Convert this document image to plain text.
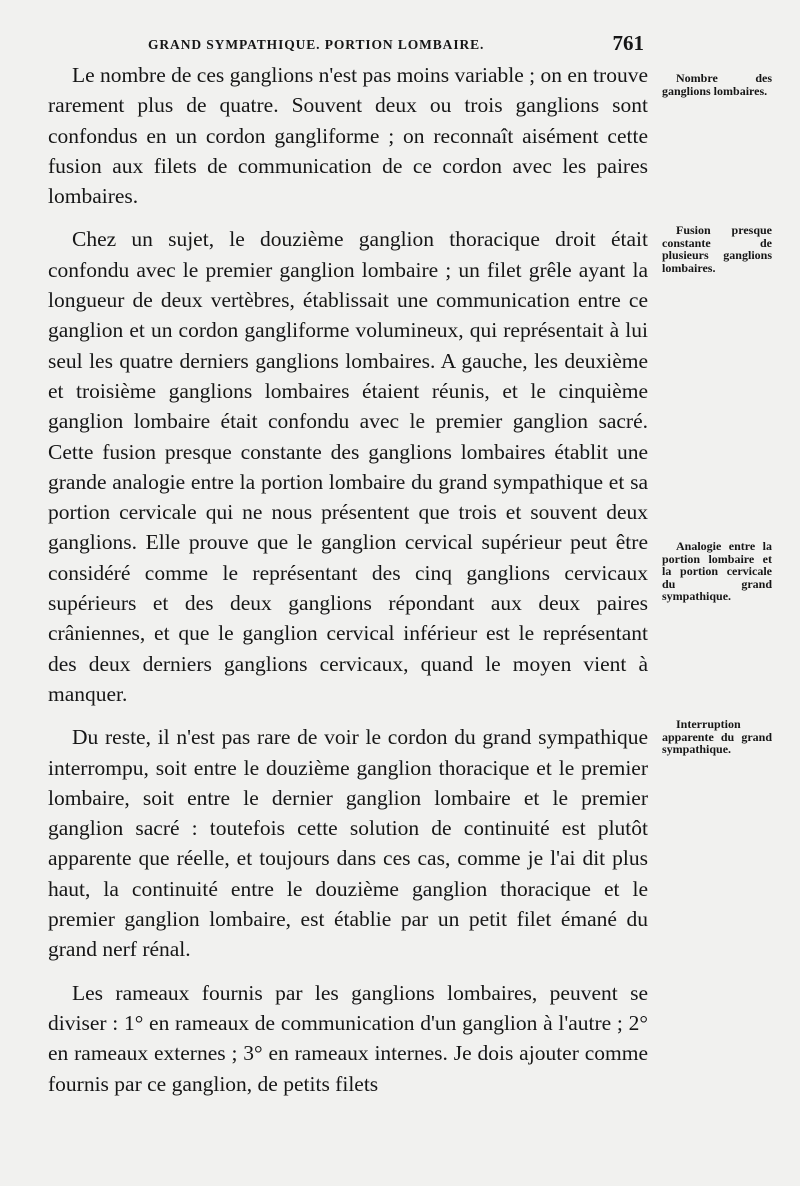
GRAND SYMPATHIQUE. PORTION LOMBAIRE.	761

Le nombre de ces ganglions n'est pas moins variable ; on en trouve rarement plus de quatre. Souvent deux ou trois ganglions sont confondus en un cordon gangliforme ; on reconnaît aisément cette fusion aux filets de communication de ce cordon avec les paires lombaires.

Chez un sujet, le douzième ganglion thoracique droit était confondu avec le premier ganglion lombaire ; un filet grêle ayant la longueur de deux vertèbres, établissait une communication entre ce ganglion et un cordon gangliforme volumineux, qui représentait à lui seul les quatre derniers ganglions lombaires. A gauche, les deuxième et troisième ganglions lombaires étaient réunis, et le cinquième ganglion lombaire était confondu avec le premier ganglion sacré. Cette fusion presque constante des ganglions lombaires établit une grande analogie entre la portion lombaire du grand sympathique et sa portion cervicale qui ne nous présentent que trois et souvent deux ganglions. Elle prouve que le ganglion cervical supérieur peut être considéré comme le représentant des cinq ganglions cervicaux supérieurs et des deux ganglions répondant aux deux paires crâniennes, et que le ganglion cervical inférieur est le représentant des deux derniers ganglions cervicaux, quand le moyen vient à manquer.

Du reste, il n'est pas rare de voir le cordon du grand sympathique interrompu, soit entre le douzième ganglion thoracique et le premier lombaire, soit entre le dernier ganglion lombaire et le premier ganglion sacré : toutefois cette solution de continuité est plutôt apparente que réelle, et toujours dans ces cas, comme je l'ai dit plus haut, la continuité entre le douzième ganglion thoracique et le premier ganglion lombaire, est établie par un petit filet émané du grand nerf rénal.

Les rameaux fournis par les ganglions lombaires, peuvent se diviser : 1° en rameaux de communication d'un ganglion à l'autre ; 2° en rameaux externes ; 3° en rameaux internes. Je dois ajouter comme fournis par ce ganglion, de petits filets

Nombre des ganglions lombaires.
Fusion presque constante de plusieurs ganglions lombaires.
Analogie entre la portion lombaire et la portion cervicale du grand sympathique.
Interruption apparente du grand sympathique.
